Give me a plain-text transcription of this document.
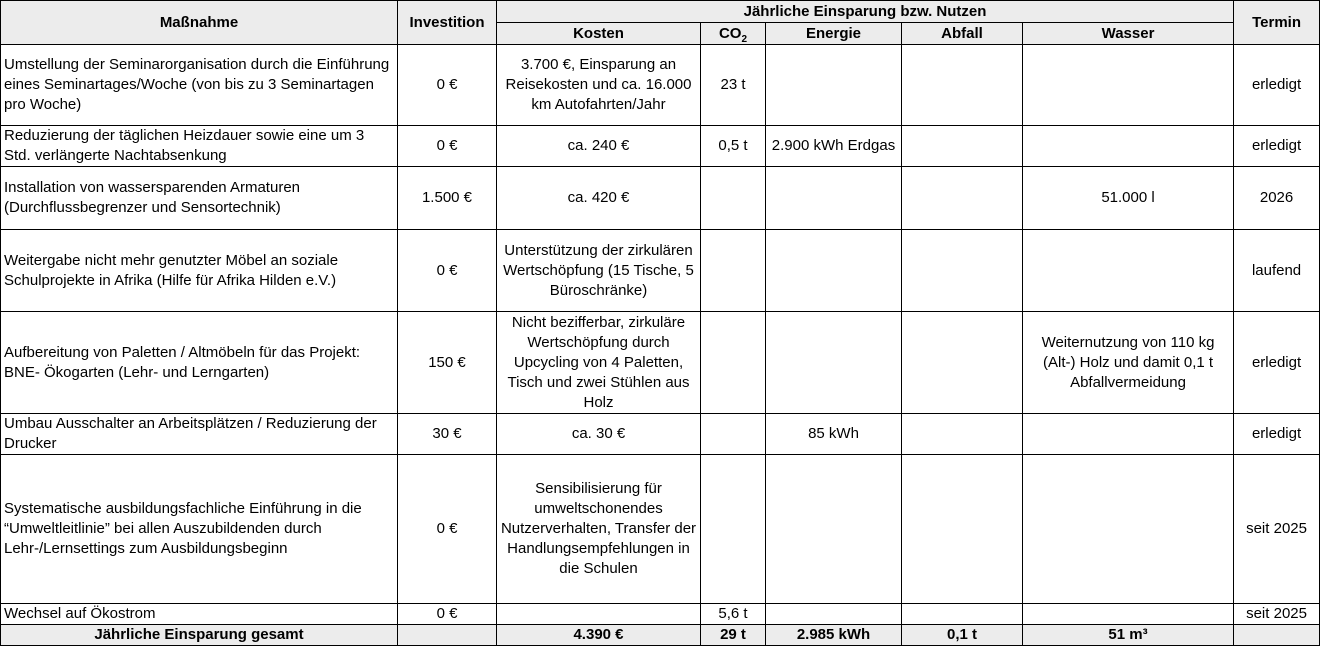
Maßnahme	Investition	Jährliche Einsparung bzw. Nutzen					Termin
		Kosten	$CO_2$	Energie	Abfall	Wasser	
Umstellung der Seminarorganisation durch die Einführung eines Seminartages/Woche (von bis zu 3 Seminartagen pro Woche)	0 €	3.700 €, Einsparung an Reisekosten und ca. 16.000 km Autofahrten/Jahr	23 t				erledigt
Reduzierung der täglichen Heizdauer sowie eine um 3 Std. verlängerte Nachtabsenkung	0 €	ca. 240 €	0,5 t	2.900 kWh Erdgas			erledigt
Installation von wassersparenden Armaturen (Durchflussbegrenzer und Sensortechnik)	1.500 €	ca. 420 €				51.000 l	2026
Weitergabe nicht mehr genutzter Möbel an soziale Schulprojekte in Afrika (Hilfe für Afrika Hilden e.V.)	0 €	Unterstützung der zirkulären Wertschöpfung (15 Tische, 5 Büroschränke)					laufend
Aufbereitung von Paletten / Altmöbeln für das Projekt: BNE- Ökogarten (Lehr- und Lerngarten)	150 €	Nicht bezifferbar, zirkuläre Wertschöpfung durch Upcycling von 4 Paletten, Tisch und zwei Stühlen aus Holz				Weiternutzung von 110 kg (Alt-) Holz und damit 0,1 t Abfallvermeidung	erledigt
Umbau Ausschalter an Arbeitsplätzen / Reduzierung der Drucker	30 €	ca. 30 €		85 kWh			erledigt
Systematische ausbildungsfachliche Einführung in die “Umweltleitlinie” bei allen Auszubildenden durch Lehr-/Lernsettings zum Ausbildungsbeginn	0 €	Sensibilisierung für umweltschonendes Nutzerverhalten, Transfer der Handlungsempfehlungen in die Schulen					seit 2025
Wechsel auf Ökostrom	0 €		5,6 t				seit 2025
Jährliche Einsparung gesamt		4.390 €	29 t	2.985 kWh	0,1 t	51 m³	
